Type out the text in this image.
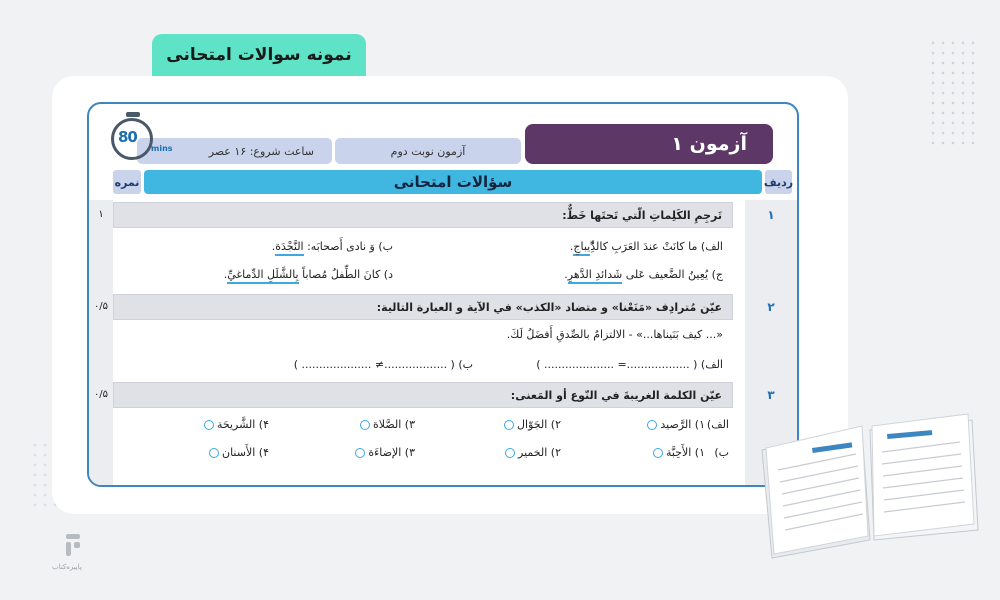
نمونه سوالات امتحانی
آزمون ۱
آزمون نوبت دوم
ساعت شروع: ۱۶ عصر
80
mins
ردیف
سؤالات امتحانی
نمره
۱
۱	تَرجِمِ الكَلِماتِ الّتي تَحتَها خَطٌّ:
الف) ما كانَتْ عندَ العَرَبِ كالدِِّّيباجِ.
ب) وَ نادى أَصحابَه: النَّجْدَة.
ج) يُعِينُ الضَّعيف عَلى شَدائدِ الدَّهرِ.
د) كانَ الطِّفلُ مُصاباً بِالشَّلَلِ الدِّماغيِّ.
۲
۰/۵	عیّن مُترادِف «مَنَعْنا» و متضاد «الكذب» في الآية و العبارة التالية:
«... كيف بَنَيناها...» - الالتزامُ بالصِّدقِ أَفضَلُ لَكَ.
الف) ( ..................= .................... )
ب) ( ..................≠ .................... )
۳
۰/۵	عیّن الكلمة الغريبةَ في النّوع أو المَعنى:
الف)
۱) الرَّصيد
۲) الجَوّال
۳) الصَّلاة
۴) الشَّريحَة
ب)
۱) الأَحِبَّة
۲) الخمير
۳) الإضاءَة
۴) الأَسنان
پاییزه‌کتاب
